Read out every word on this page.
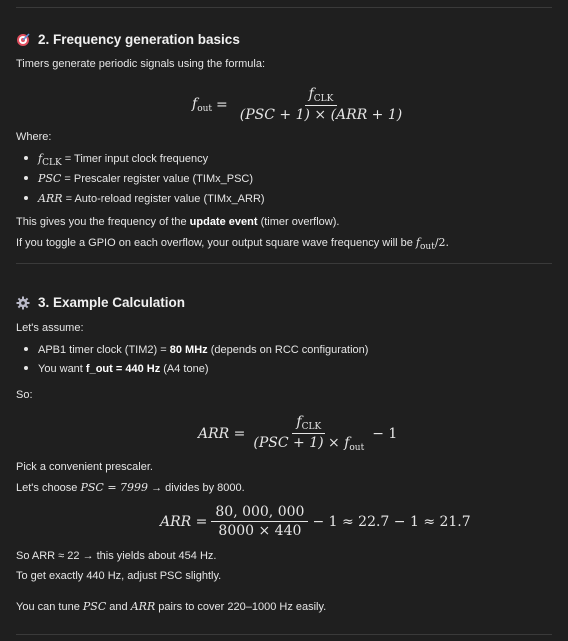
2. Frequency generation basics
Timers generate periodic signals using the formula:
$f_{out} = \frac{f_{CLK}}{\text{(PSC + 1) × (ARR + 1)}}$
Where:
$f_{CLK}$ = Timer input clock frequency
PSC = Prescaler register value (TIMx_PSC)
ARR = Auto-reload register value (TIMx_ARR)
This gives you the frequency of the update event (timer overflow).
If you toggle a GPIO on each overflow, your output square wave frequency will be $f_{out}/2$.
3. Example Calculation
Let's assume:
APB1 timer clock (TIM2) = 80 MHz (depends on RCC configuration)
You want f_out = 440 Hz (A4 tone)
So:
ARR = $\frac{f_{CLK}}{(PSC + 1) \times f_{out}} - 1$
Pick a convenient prescaler.
Let's choose PSC = 7999 → divides by 8000.
ARR = $\frac{80, 000, 000}{8000 \times 440} - 1 \approx 22.7 - 1 \approx 21.7$
So ARR ≈ 22 → this yields about 454 Hz.
To get exactly 440 Hz, adjust PSC slightly.
You can tune PSC and ARR pairs to cover 220–1000 Hz easily.
